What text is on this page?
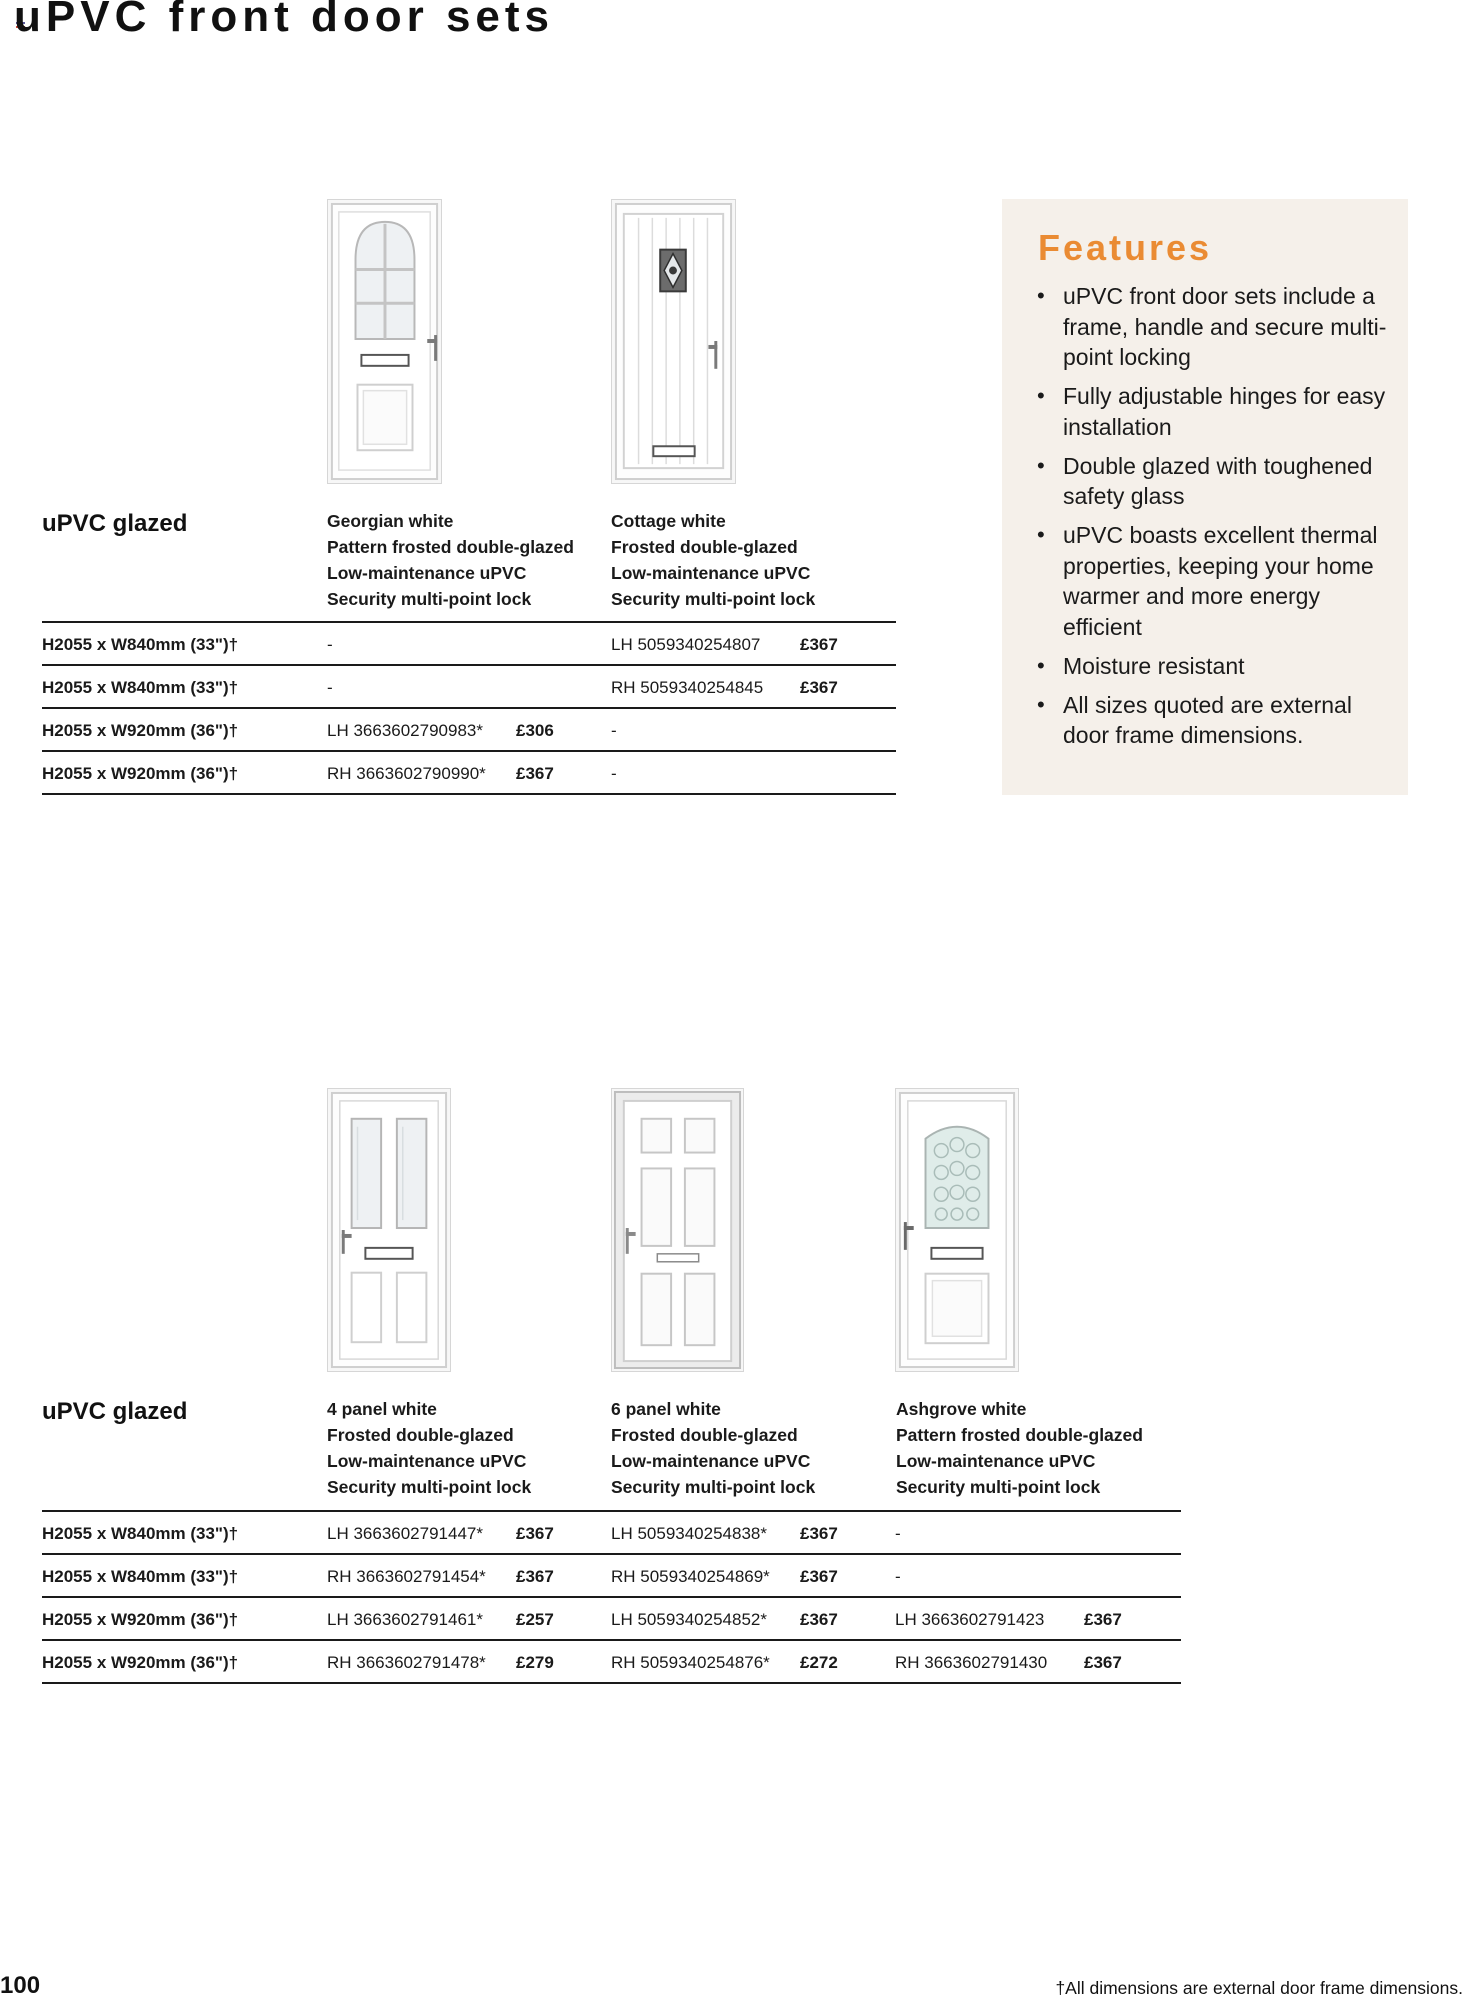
uPVC front door sets
uPVC glazed	Georgian white
Pattern frosted double-glazed
Low-maintenance uPVC
Security multi-point lock
Cottage white
Frosted double-glazed
Low-maintenance uPVC
Security multi-point lock
H2055 x W840mm (33")†	-	LH 5059340254807 £367
H2055 x W840mm (33")†	-	RH 5059340254845 £367
H2055 x W920mm (36")†	LH 3663602790983* £306	-
H2055 x W920mm (36")†	RH 3663602790990* £367	-
Features
• uPVC front door sets include a frame, handle and secure multi-point locking
• Fully adjustable hinges for easy installation
• Double glazed with toughened safety glass
• uPVC boasts excellent thermal properties, keeping your home warmer and more energy efficient
• Moisture resistant
• All sizes quoted are external door frame dimensions.
uPVC glazed	4 panel white
Frosted double-glazed
Low-maintenance uPVC
Security multi-point lock
6 panel white
Frosted double-glazed
Low-maintenance uPVC
Security multi-point lock
Ashgrove white
Pattern frosted double-glazed
Low-maintenance uPVC
Security multi-point lock
H2055 x W840mm (33")†	LH 3663602791447* £367	LH 5059340254838* £367	-
H2055 x W840mm (33")†	RH 3663602791454* £367	RH 5059340254869* £367	-
H2055 x W920mm (36")†	LH 3663602791461* £257	LH 5059340254852* £367	LH 3663602791423 £367
H2055 x W920mm (36")†	RH 3663602791478* £279	RH 5059340254876* £272	RH 3663602791430 £367
100	†All dimensions are external door frame dimensions.
